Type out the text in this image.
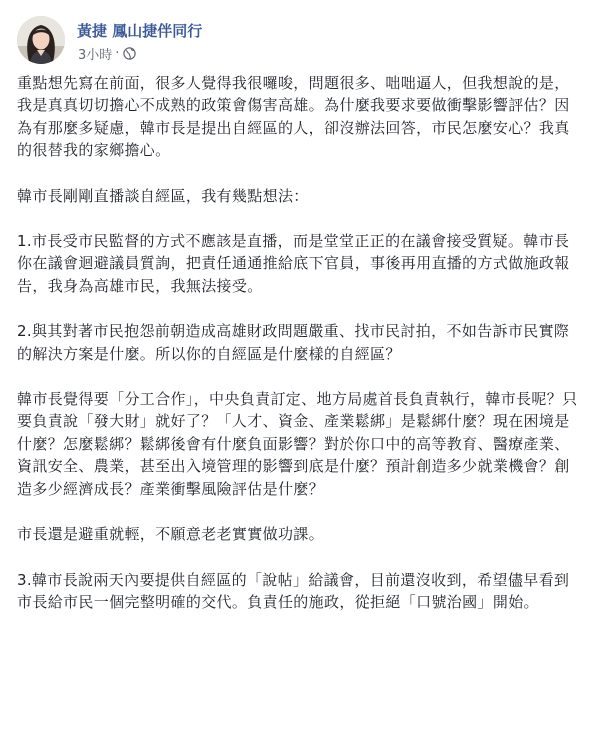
黃捷 鳳山捷伴同行
3小時 ·

重點想先寫在前面，很多人覺得我很囉唆，問題很多、咄咄逼人，但我想說的是，我是真真切切擔心不成熟的政策會傷害高雄。為什麼我要求要做衝擊影響評估？因為有那麼多疑慮，韓市長是提出自經區的人，卻沒辦法回答，市民怎麼安心？我真的很替我的家鄉擔心。

韓市長剛剛直播談自經區，我有幾點想法：

1.市長受市民監督的方式不應該是直播，而是堂堂正正的在議會接受質疑。韓市長你在議會迴避議員質詢，把責任通通推給底下官員，事後再用直播的方式做施政報告，我身為高雄市民，我無法接受。

2.與其對著市民抱怨前朝造成高雄財政問題嚴重、找市民討拍，不如告訴市民實際的解決方案是什麼。所以你的自經區是什麼樣的自經區？

韓市長覺得要「分工合作」，中央負責訂定、地方局處首長負責執行，韓市長呢？只要負責說「發大財」就好了？「人才、資金、產業鬆綁」是鬆綁什麼？現在困境是什麼？怎麼鬆綁？鬆綁後會有什麼負面影響？對於你口中的高等教育、醫療產業、資訊安全、農業，甚至出入境管理的影響到底是什麼？預計創造多少就業機會？創造多少經濟成長？產業衝擊風險評估是什麼？

市長還是避重就輕，不願意老老實實做功課。

3.韓市長說兩天內要提供自經區的「說帖」給議會，目前還沒收到，希望儘早看到市長給市民一個完整明確的交代。負責任的施政，從拒絕「口號治國」開始。
